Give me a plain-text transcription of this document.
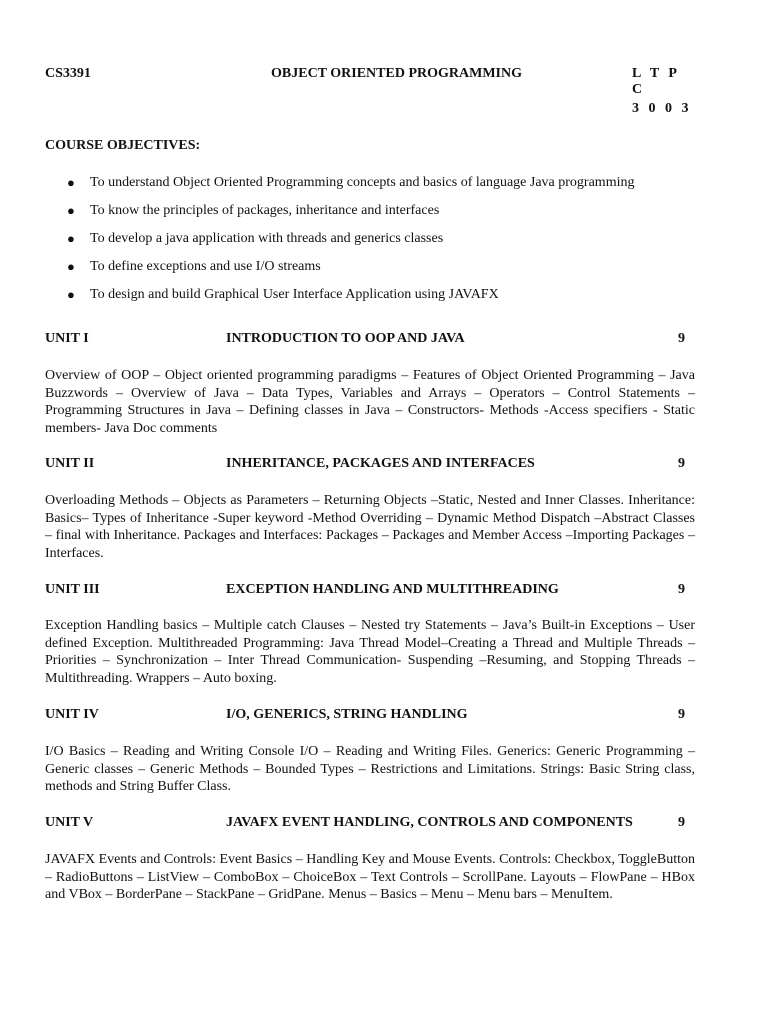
CS3391	OBJECT ORIENTED PROGRAMMING	L T P C
3 0 0 3
COURSE OBJECTIVES:
● To understand Object Oriented Programming concepts and basics of language Java programming
● To know the principles of packages, inheritance and interfaces
● To develop a java application with threads and generics classes
● To define exceptions and use I/O streams
● To design and build Graphical User Interface Application using JAVAFX
UNIT I	INTRODUCTION TO OOP AND JAVA	9
Overview of OOP – Object oriented programming paradigms – Features of Object Oriented Programming – Java Buzzwords – Overview of Java – Data Types, Variables and Arrays – Operators – Control Statements – Programming Structures in Java – Defining classes in Java – Constructors- Methods -Access specifiers - Static members- Java Doc comments
UNIT II	INHERITANCE, PACKAGES AND INTERFACES	9
Overloading Methods – Objects as Parameters – Returning Objects –Static, Nested and Inner Classes. Inheritance: Basics– Types of Inheritance -Super keyword -Method Overriding – Dynamic Method Dispatch –Abstract Classes – final with Inheritance. Packages and Interfaces: Packages – Packages and Member Access –Importing Packages – Interfaces.
UNIT III	EXCEPTION HANDLING AND MULTITHREADING	9
Exception Handling basics – Multiple catch Clauses – Nested try Statements – Java’s Built-in Exceptions – User defined Exception. Multithreaded Programming: Java Thread Model–Creating a Thread and Multiple Threads – Priorities – Synchronization – Inter Thread Communication- Suspending –Resuming, and Stopping Threads –Multithreading. Wrappers – Auto boxing.
UNIT IV	I/O, GENERICS, STRING HANDLING	9
I/O Basics – Reading and Writing Console I/O – Reading and Writing Files. Generics: Generic Programming – Generic classes – Generic Methods – Bounded Types – Restrictions and Limitations. Strings: Basic String class, methods and String Buffer Class.
UNIT V	JAVAFX EVENT HANDLING, CONTROLS AND COMPONENTS	9
JAVAFX Events and Controls: Event Basics – Handling Key and Mouse Events. Controls: Checkbox, ToggleButton – RadioButtons – ListView – ComboBox – ChoiceBox – Text Controls – ScrollPane. Layouts – FlowPane – HBox and VBox – BorderPane – StackPane – GridPane. Menus – Basics – Menu – Menu bars – MenuItem.
